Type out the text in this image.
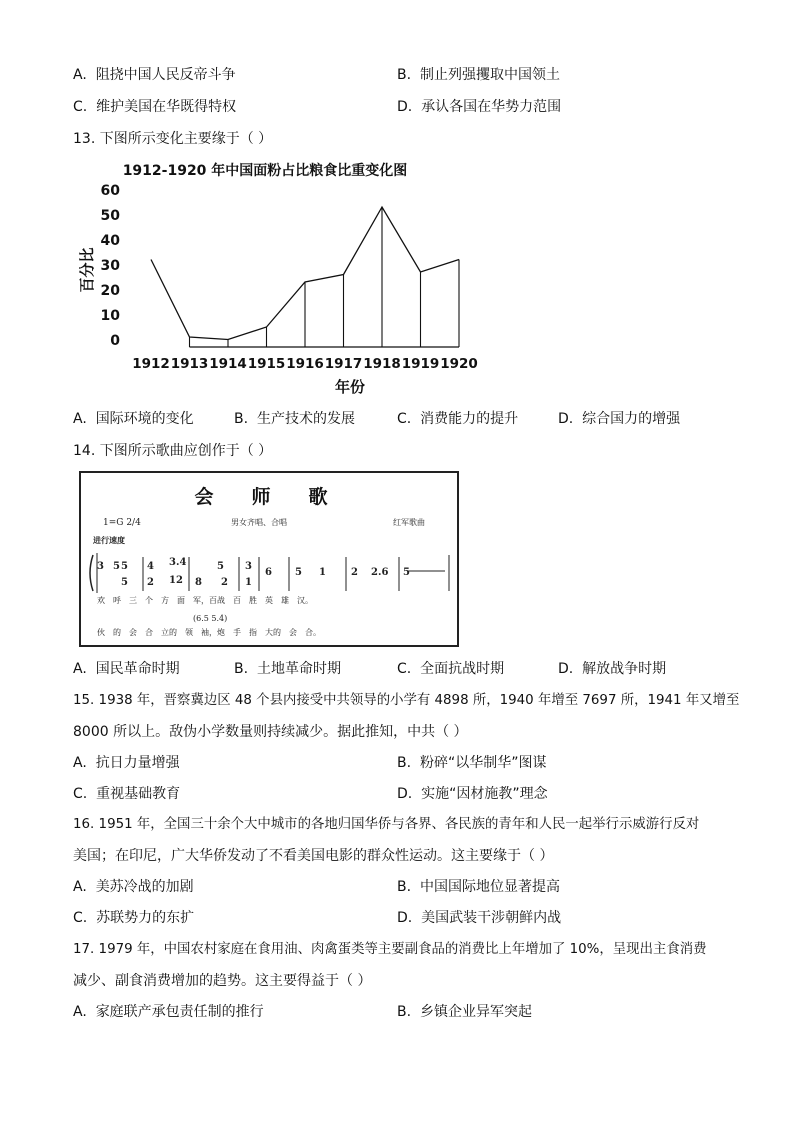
A. 阻挠中国人民反帝斗争	B. 制止列强攫取中国领土
C. 维护美国在华既得特权	D. 承认各国在华势力范围
13. 下图所示变化主要缘于（ ）
1912-1920 年中国面粉占比粮食比重变化图
60
50
40
30
20
10
0
百分比
1912 1913 1914 1915 1916 1917 1918 1919 1920
年份
A. 国际环境的变化	B. 生产技术的发展	C. 消费能力的提升	D. 综合国力的增强
14. 下图所示歌曲应创作于（ ）
会　　师　　歌
1=G 2/4	男女齐唱、合唱	红军歌曲
进行速度
5 4 3.4	5 3
6 5 1	2 2.6 5
5 2 12 8 2 1
5
3
欢　呼　三　个　方　面　军，百战　百　胜　英　雄　汉。
(6.5 5.4)
伙　的　会　合　立的　领　袖，炮　手　指　大的　会　合。
A. 国民革命时期	B. 土地革命时期	C. 全面抗战时期	D. 解放战争时期
15. 1938 年，晋察冀边区 48 个县内接受中共领导的小学有 4898 所，1940 年增至 7697 所，1941 年又增至
8000 所以上。敌伪小学数量则持续减少。据此推知，中共（ ）
A. 抗日力量增强	B. 粉碎“以华制华”图谋
C. 重视基础教育	D. 实施“因材施教”理念
16. 1951 年，全国三十余个大中城市的各地归国华侨与各界、各民族的青年和人民一起举行示威游行反对
美国；在印尼，广大华侨发动了不看美国电影的群众性运动。这主要缘于（ ）
A. 美苏冷战的加剧	B. 中国国际地位显著提高
C. 苏联势力的东扩	D. 美国武装干涉朝鲜内战
17. 1979 年，中国农村家庭在食用油、肉禽蛋类等主要副食品的消费比上年增加了 10%，呈现出主食消费
减少、副食消费增加的趋势。这主要得益于（ ）
A. 家庭联产承包责任制的推行	B. 乡镇企业异军突起
